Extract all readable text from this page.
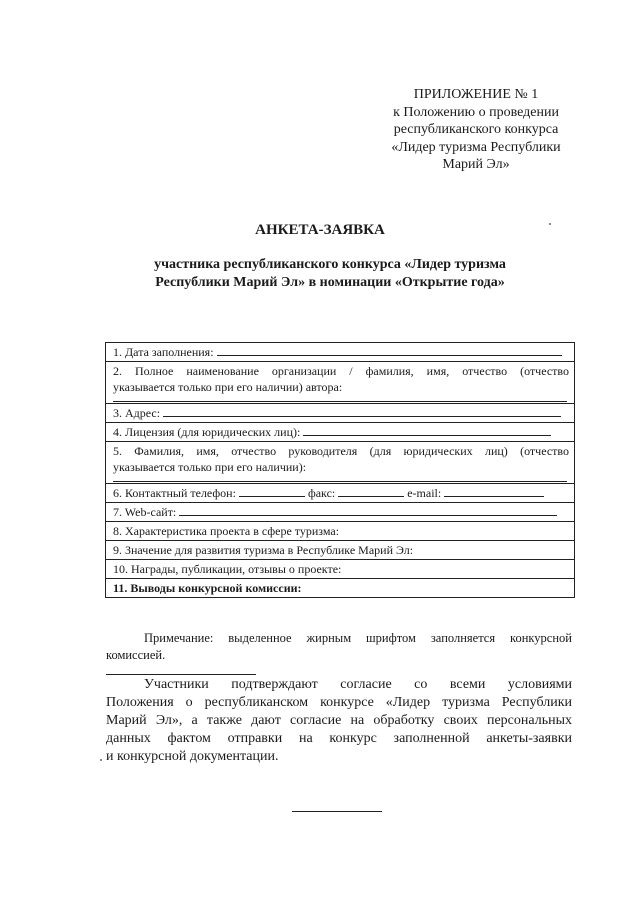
ПРИЛОЖЕНИЕ № 1
к Положению о проведении
республиканского конкурса
«Лидер туризма Республики
Марий Эл»
АНКЕТА-ЗАЯВКА
участника республиканского конкурса «Лидер туризма
Республики Марий Эл» в номинации «Открытие года»
1. Дата заполнения:

2. Полное наименование организации / фамилия, имя, отчество (отчество
указывается только при его наличии) автора:

3. Адрес:
4. Лицензия (для юридических лиц):

5. Фамилия, имя, отчество руководителя (для юридических лиц) (отчество
указывается только при его наличии):

6. Контактный телефон:	факс:	e-mail:
7. Web-сайт:
8. Характеристика проекта в сфере туризма:
9. Значение для развития туризма в Республике Марий Эл:
10. Награды, публикации, отзывы о проекте:
11. Выводы конкурсной комиссии:
Примечание: выделенное жирным шрифтом заполняется конкурсной
комиссией.
Участники подтверждают согласие со всеми условиями
Положения о республиканском конкурсе «Лидер туризма Республики
Марий Эл», а также дают согласие на обработку своих персональных
данных фактом отправки на конкурс заполненной анкеты-заявки
и конкурсной документации.
